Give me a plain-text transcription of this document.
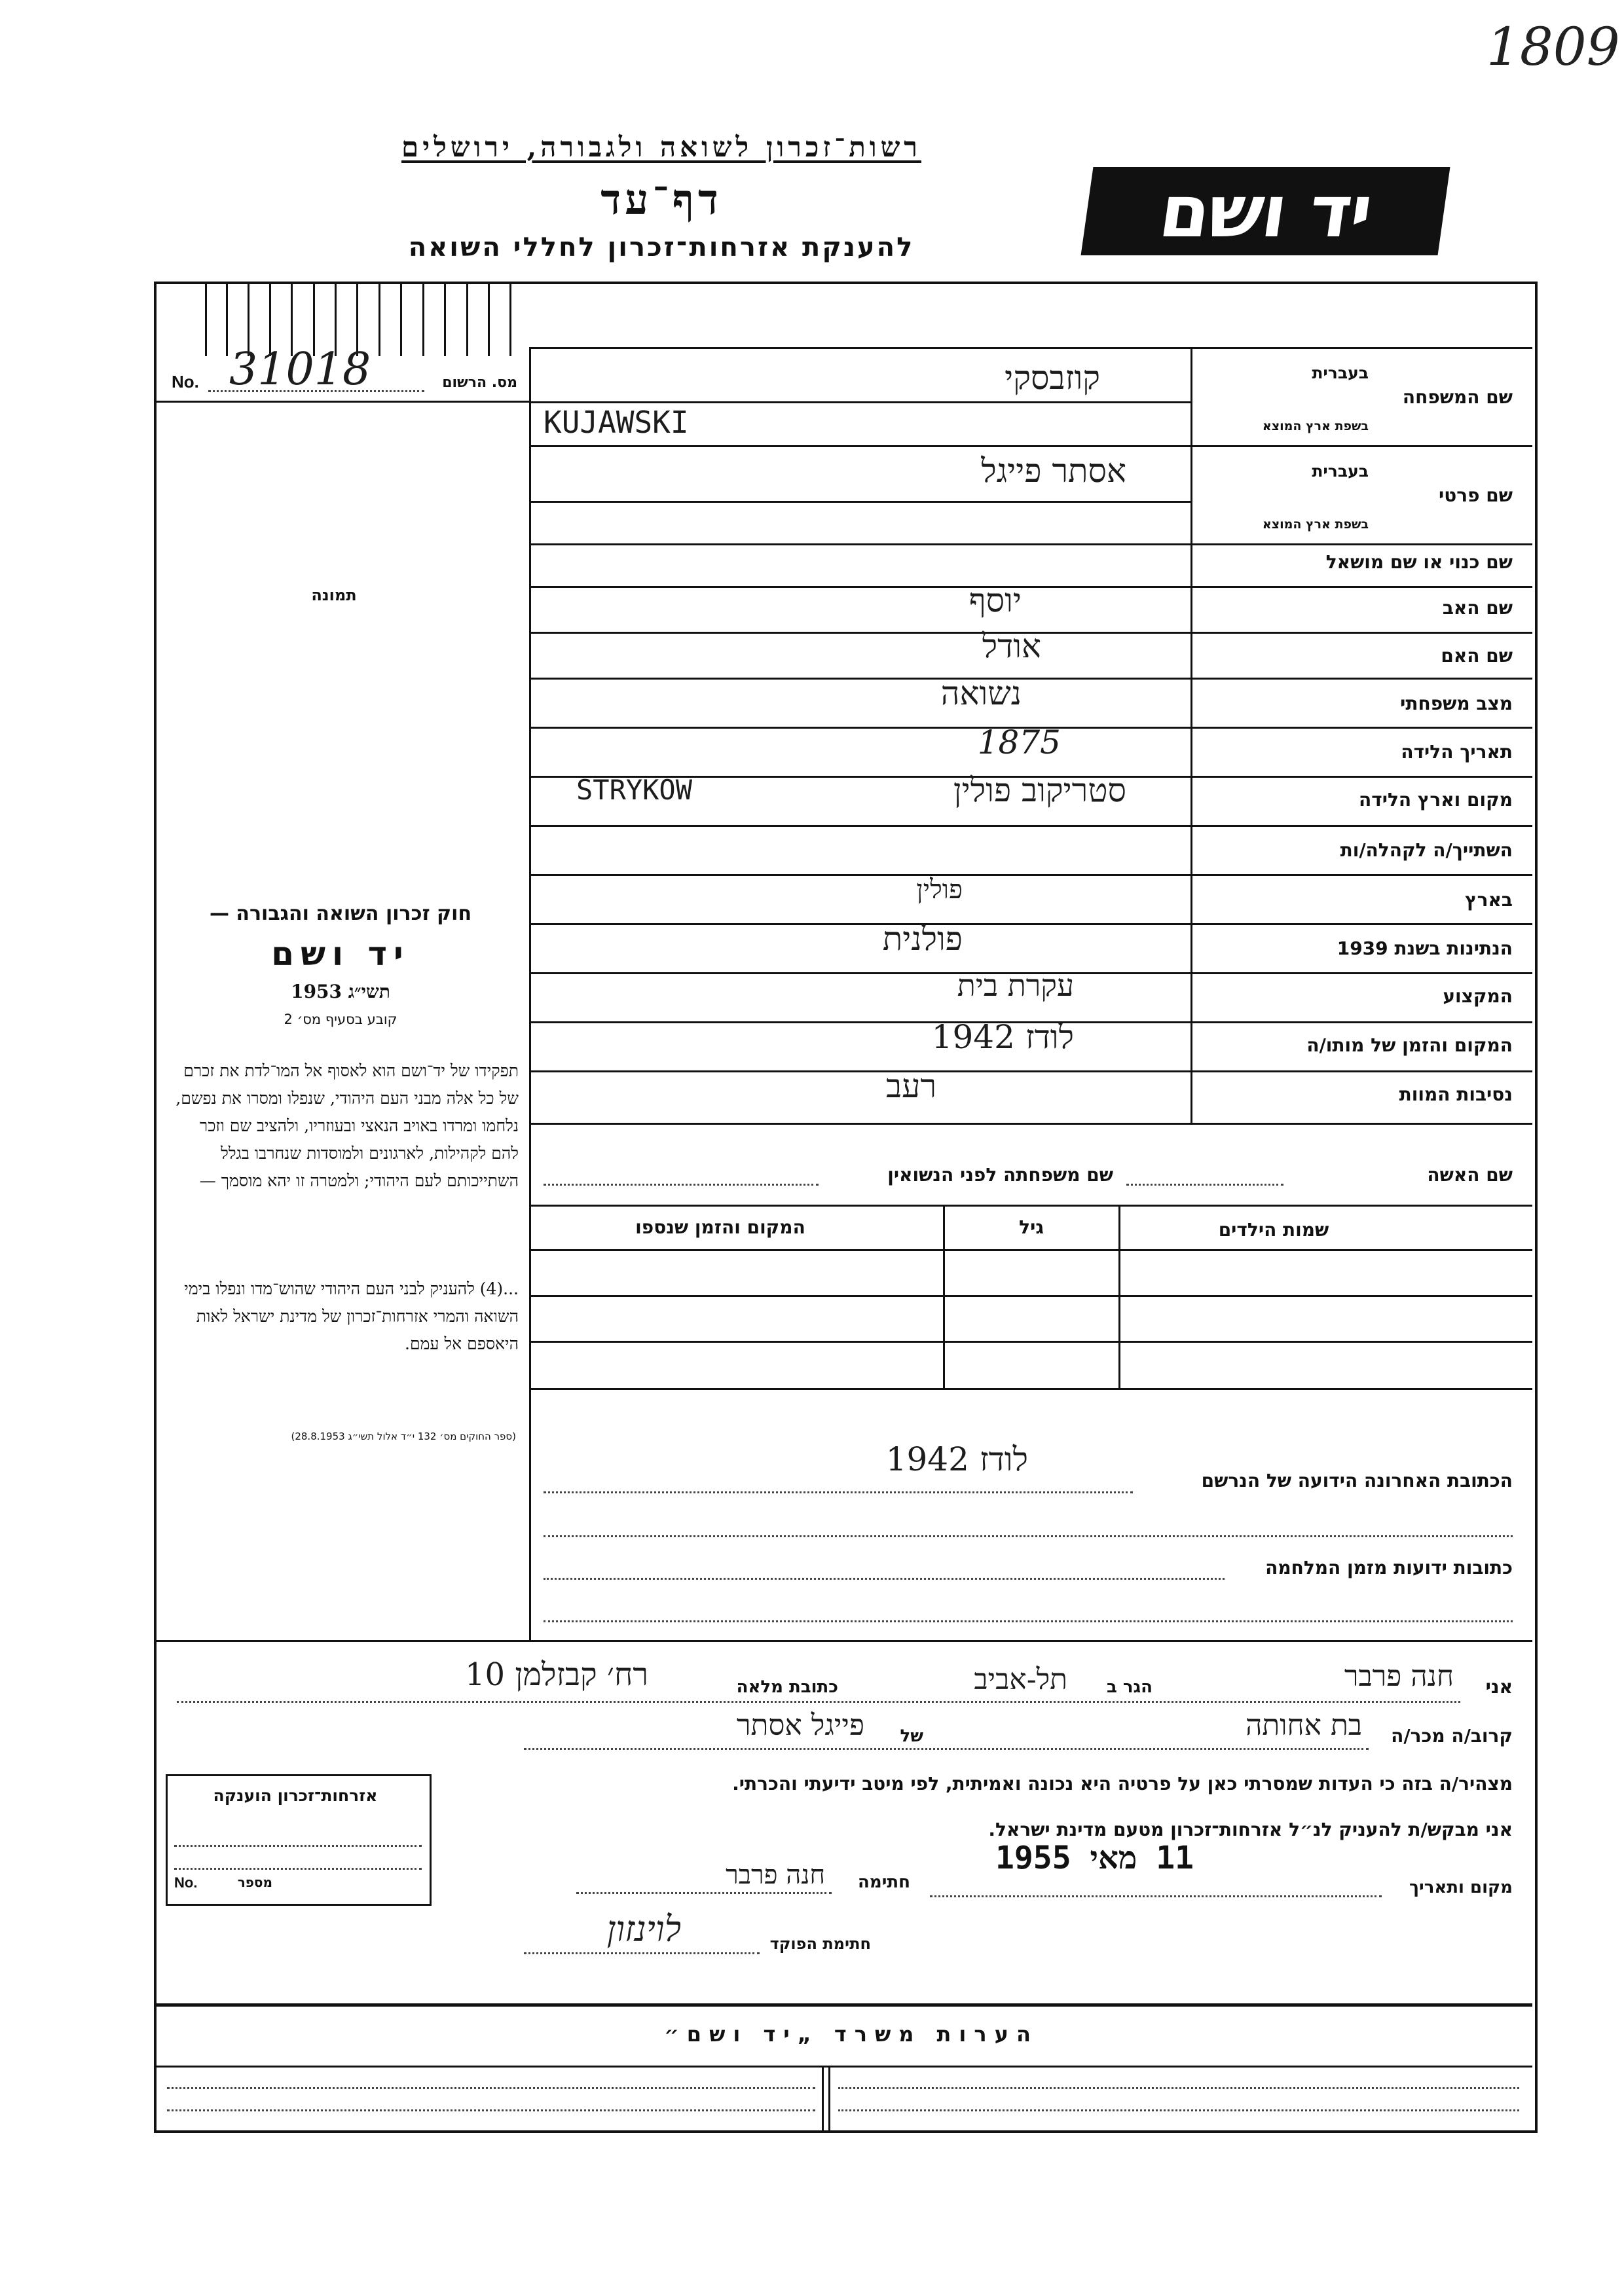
1809
רשות־זכרון לשואה ולגבורה, ירושלים
דף־עד
להענקת אזרחות־זכרון לחללי השואה	יד ושם
מס. הרשום
No. 31018
תמונה
שם המשפחה
בעברית
בשפת ארץ המוצא
קוזבסקי
KUJAWSKI
שם פרטי
בעברית
בשפת ארץ המוצא
אסתר פייגל
שם כנוי או שם מושאל
שם האב
יוסף
שם האם
אודל
מצב משפחתי
נשואה
תאריך הלידה
1875
מקום וארץ הלידה
סטריקוב פולין
STRYKOW
השתייך/ה לקהלה/ות
בארץ
פולין
הנתינות בשנת 1939
פולנית
המקצוע
עקרת בית
המקום והזמן של מותו/ה
לודז 1942
נסיבות המוות
רעב
שם האשה
שם משפחתה לפני הנשואין
שמות הילדים
גיל
המקום והזמן שנספו
הכתובת האחרונה הידועה של הנרשם
לודז 1942
כתובות ידועות מזמן המלחמה
חוק זכרון השואה והגבורה —
יד ושם
תשי״ג 1953
קובע בסעיף מס׳ 2
תפקידו של יד־ושם הוא לאסוף אל המו־לדת את זכרם של כל אלה מבני העם היהודי, שנפלו ומסרו את נפשם, נלחמו ומרדו באויב הנאצי ובעוזריו, ולהציב שם וזכר להם לקהילות, לארגונים ולמוסדות שנחרבו בגלל השתייכותם לעם היהודי; ולמטרה זו יהא מוסמך —
...(4) להעניק לבני העם היהודי שהוש־מדו ונפלו בימי השואה והמרי אזרחות־זכרון של מדינת ישראל לאות היאספם אל עמם.
(ספר החוקים מס׳ 132 י״ד אלול תשי״ג 28.8.1953)
אני
חנה פרבר
הגר ב
תל-אביב
כתובת מלאה
רח׳ קבזלמן 10
קרוב/ה מכר/ה
בת אחותה
של
פייגל אסתר
מצהיר/ה בזה כי העדות שמסרתי כאן על פרטיה היא נכונה ואמיתית, לפי מיטב ידיעתי והכרתי.
אני מבקש/ת להעניק לנ״ל אזרחות־זכרון מטעם מדינת ישראל.
11 מאי 1955
מקום ותאריך
חתימה
חנה פרבר
חתימת הפוקד
לוינזון
אזרחות־זכרון הוענקה
No.	מספר
הערות משרד „יד ושם״
